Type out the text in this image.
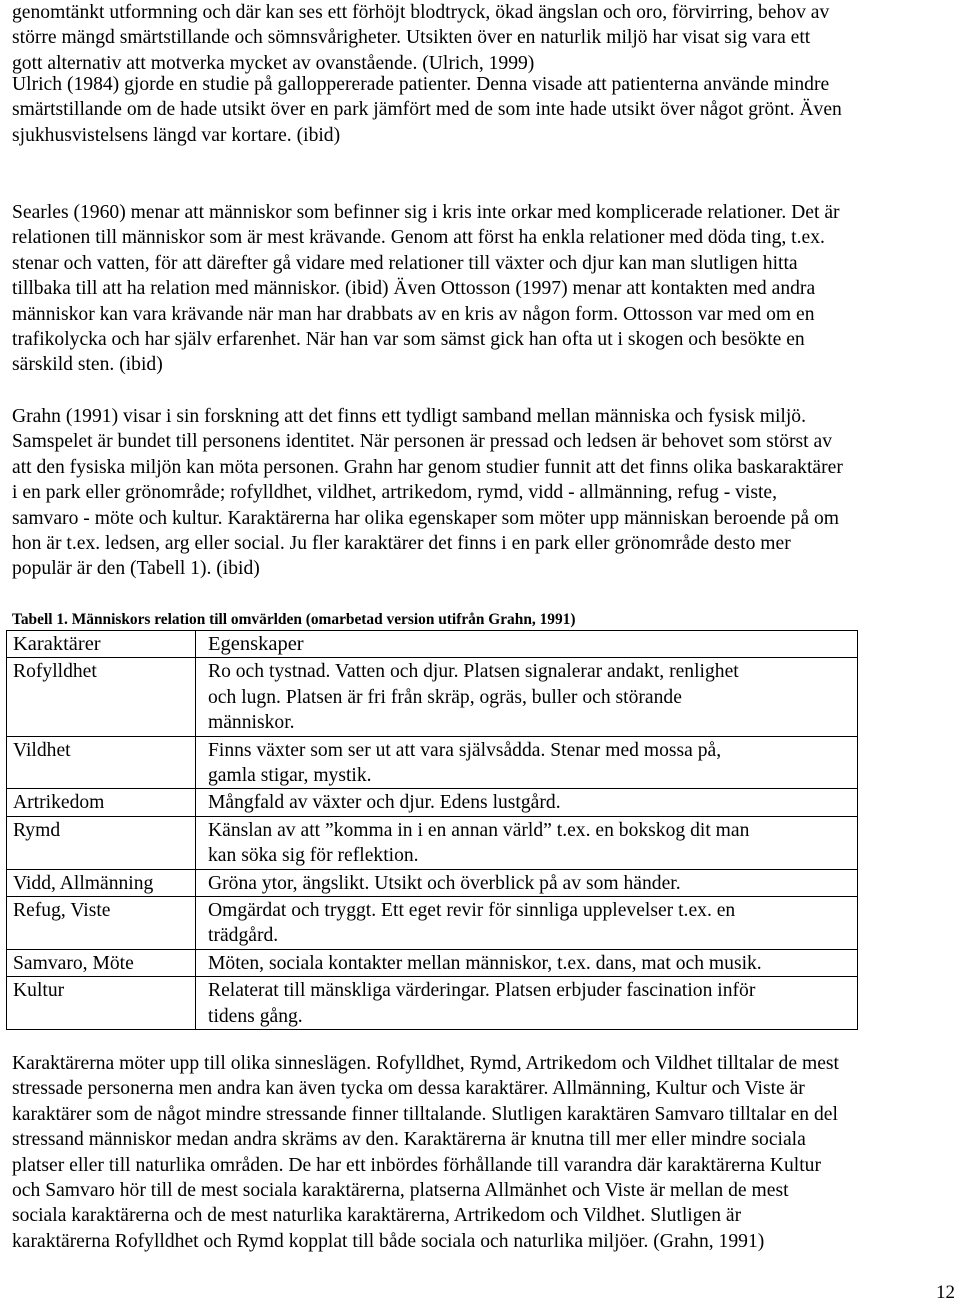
genomtänkt utformning och där kan ses ett förhöjt blodtryck, ökad ängslan och oro, förvirring, behov av
större mängd smärtstillande och sömnsvårigheter. Utsikten över en naturlik miljö har visat sig vara ett
gott alternativ att motverka mycket av ovanstående. (Ulrich, 1999)
Ulrich (1984) gjorde en studie på galloppererade patienter. Denna visade att patienterna använde mindre
smärtstillande om de hade utsikt över en park jämfört med de som inte hade utsikt över något grönt. Även
sjukhusvistelsens längd var kortare. (ibid)
Searles (1960) menar att människor som befinner sig i kris inte orkar med komplicerade relationer. Det är
relationen till människor som är mest krävande. Genom att först ha enkla relationer med döda ting, t.ex.
stenar och vatten, för att därefter gå vidare med relationer till växter och djur kan man slutligen hitta
tillbaka till att ha relation med människor. (ibid) Även Ottosson (1997) menar att kontakten med andra
människor kan vara krävande när man har drabbats av en kris av någon form. Ottosson var med om en
trafikolycka och har själv erfarenhet. När han var som sämst gick han ofta ut i skogen och besökte en
särskild sten. (ibid)
Grahn (1991) visar i sin forskning att det finns ett tydligt samband mellan människa och fysisk miljö.
Samspelet är bundet till personens identitet. När personen är pressad och ledsen är behovet som störst av
att den fysiska miljön kan möta personen. Grahn har genom studier funnit att det finns olika baskaraktärer
i en park eller grönområde; rofylldhet, vildhet, artrikedom, rymd, vidd - allmänning, refug - viste,
samvaro - möte och kultur. Karaktärerna har olika egenskaper som möter upp människan beroende på om
hon är t.ex. ledsen, arg eller social. Ju fler karaktärer det finns i en park eller grönområde desto mer
populär är den (Tabell 1). (ibid)
Karaktärerna möter upp till olika sinneslägen. Rofylldhet, Rymd, Artrikedom och Vildhet tilltalar de mest
stressade personerna men andra kan även tycka om dessa karaktärer. Allmänning, Kultur och Viste är
karaktärer som de något mindre stressande finner tilltalande. Slutligen karaktären Samvaro tilltalar en del
stressand människor medan andra skräms av den. Karaktärerna är knutna till mer eller mindre sociala
platser eller till naturlika områden. De har ett inbördes förhållande till varandra där karaktärerna Kultur
och Samvaro hör till de mest sociala karaktärerna, platserna Allmänhet och Viste är mellan de mest
sociala karaktärerna och de mest naturlika karaktärerna, Artrikedom och Vildhet. Slutligen är
karaktärerna Rofylldhet och Rymd kopplat till både sociala och naturlika miljöer. (Grahn, 1991)
Tabell 1. Människors relation till omvärlden (omarbetad version utifrån Grahn, 1991)
Karaktärer	Egenskaper
Rofylldhet	Ro och tystnad. Vatten och djur. Platsen signalerar andakt, renlighet
och lugn. Platsen är fri från skräp, ogräs, buller och störande
människor.

Vildhet	Finns växter som ser ut att vara självsådda. Stenar med mossa på,
gamla stigar, mystik.

Artrikedom	Mångfald av växter och djur. Edens lustgård.

Rymd	Känslan av att ”komma in i en annan värld” t.ex. en bokskog dit man
kan söka sig för reflektion.

Vidd, Allmänning	Gröna ytor, ängslikt. Utsikt och överblick på av som händer.

Refug, Viste	Omgärdat och tryggt. Ett eget revir för sinnliga upplevelser t.ex. en
trädgård.

Samvaro, Möte	Möten, sociala kontakter mellan människor, t.ex. dans, mat och musik.

Kultur	Relaterat till mänskliga värderingar. Platsen erbjuder fascination inför
tidens gång.
12
